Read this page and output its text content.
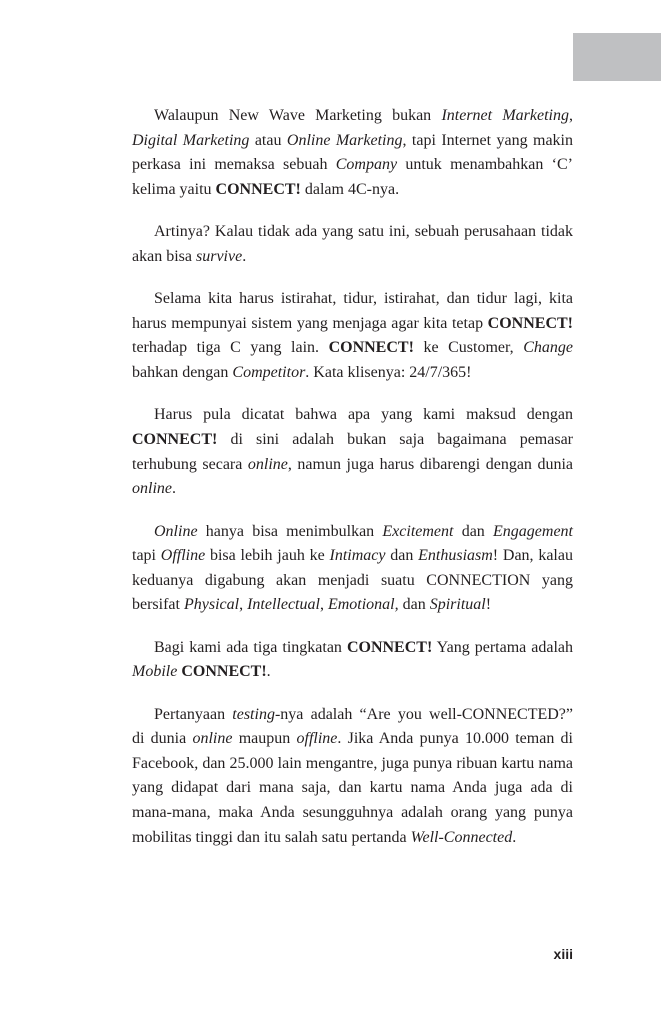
Walaupun New Wave Marketing bukan Internet Marketing, Digital Marketing atau Online Marketing, tapi Internet yang makin perkasa ini memaksa sebuah Company untuk menambahkan ‘C’ kelima yaitu CONNECT! dalam 4C-nya.

Artinya? Kalau tidak ada yang satu ini, sebuah perusahaan tidak akan bisa survive.

Selama kita harus istirahat, tidur, istirahat, dan tidur lagi, kita harus mempunyai sistem yang menjaga agar kita tetap CONNECT! terhadap tiga C yang lain. CONNECT! ke Customer, Change bahkan dengan Competitor. Kata klisenya: 24/7/365!

Harus pula dicatat bahwa apa yang kami maksud dengan CONNECT! di sini adalah bukan saja bagaimana pemasar terhubung secara online, namun juga harus dibarengi dengan dunia online.

Online hanya bisa menimbulkan Excitement dan Engagement tapi Offline bisa lebih jauh ke Intimacy dan Enthusiasm! Dan, kalau keduanya digabung akan menjadi suatu CONNECTION yang bersifat Physical, Intellectual, Emotional, dan Spiritual!

Bagi kami ada tiga tingkatan CONNECT! Yang pertama adalah Mobile CONNECT!.

Pertanyaan testing-nya adalah “Are you well-CONNECTED?” di dunia online maupun offline. Jika Anda punya 10.000 teman di Facebook, dan 25.000 lain mengantre, juga punya ribuan kartu nama yang didapat dari mana saja, dan kartu nama Anda juga ada di mana-mana, maka Anda sesungguhnya adalah orang yang punya mobilitas tinggi dan itu salah satu pertanda Well-Connected.

xiii
